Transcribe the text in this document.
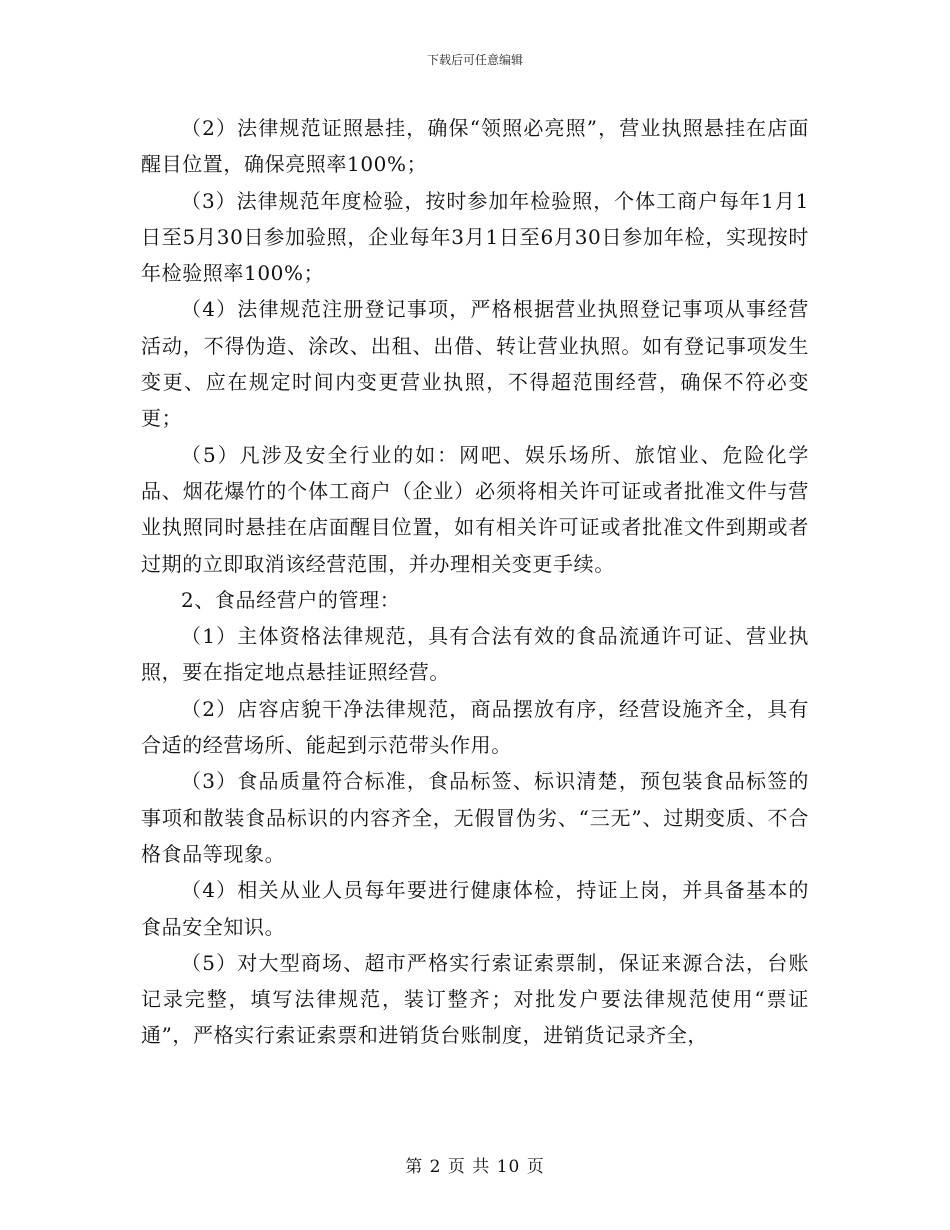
下载后可任意编辑

（2）法律规范证照悬挂，确保“领照必亮照”，营业执照悬挂在店面醒目位置，确保亮照率100%；

（3）法律规范年度检验，按时参加年检验照，个体工商户每年1月1日至5月30日参加验照，企业每年3月1日至6月30日参加年检，实现按时年检验照率100%；

（4）法律规范注册登记事项，严格根据营业执照登记事项从事经营活动，不得伪造、涂改、出租、出借、转让营业执照。如有登记事项发生变更、应在规定时间内变更营业执照，不得超范围经营，确保不符必变更；

（5）凡涉及安全行业的如：网吧、娱乐场所、旅馆业、危险化学品、烟花爆竹的个体工商户（企业）必须将相关许可证或者批准文件与营业执照同时悬挂在店面醒目位置，如有相关许可证或者批准文件到期或者过期的立即取消该经营范围，并办理相关变更手续。

2、食品经营户的管理：

（1）主体资格法律规范，具有合法有效的食品流通许可证、营业执照，要在指定地点悬挂证照经营。

（2）店容店貌干净法律规范，商品摆放有序，经营设施齐全，具有合适的经营场所、能起到示范带头作用。

（3）食品质量符合标准，食品标签、标识清楚，预包装食品标签的事项和散装食品标识的内容齐全，无假冒伪劣、“三无”、过期变质、不合格食品等现象。

（4）相关从业人员每年要进行健康体检，持证上岗，并具备基本的食品安全知识。

（5）对大型商场、超市严格实行索证索票制，保证来源合法，台账记录完整，填写法律规范，装订整齐；对批发户要法律规范使用“票证通”，严格实行索证索票和进销货台账制度，进销货记录齐全，

第 2 页 共 10 页
